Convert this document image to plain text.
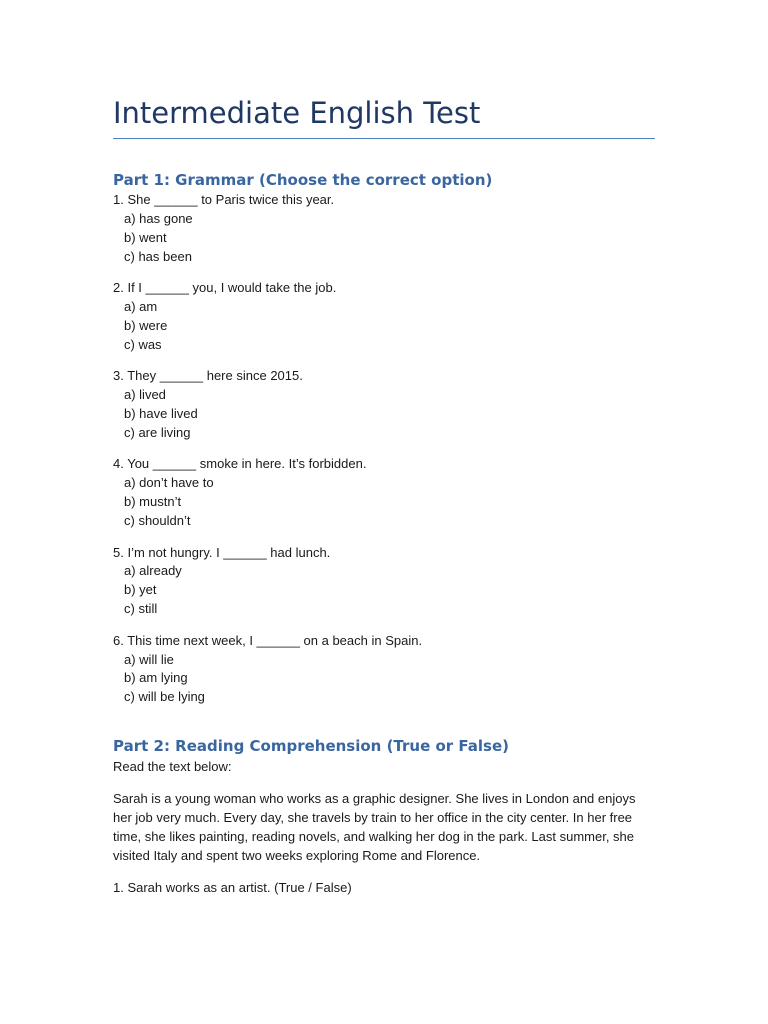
Intermediate English Test
Part 1: Grammar (Choose the correct option)

1. She ______ to Paris twice this year.

a) has gone

b) went

c) has been

2. If I ______ you, I would take the job.

a) am

b) were

c) was

3. They ______ here since 2015.

a) lived

b) have lived

c) are living

4. You ______ smoke in here. It’s forbidden.

a) don’t have to

b) mustn’t

c) shouldn’t

5. I’m not hungry. I ______ had lunch.

a) already

b) yet

c) still

6. This time next week, I ______ on a beach in Spain.

a) will lie

b) am lying

c) will be lying

Part 2: Reading Comprehension (True or False)

Read the text below:

Sarah is a young woman who works as a graphic designer. She lives in London and enjoys her job very much. Every day, she travels by train to her office in the city center. In her free time, she likes painting, reading novels, and walking her dog in the park. Last summer, she visited Italy and spent two weeks exploring Rome and Florence.

1. Sarah works as an artist. (True / False)
